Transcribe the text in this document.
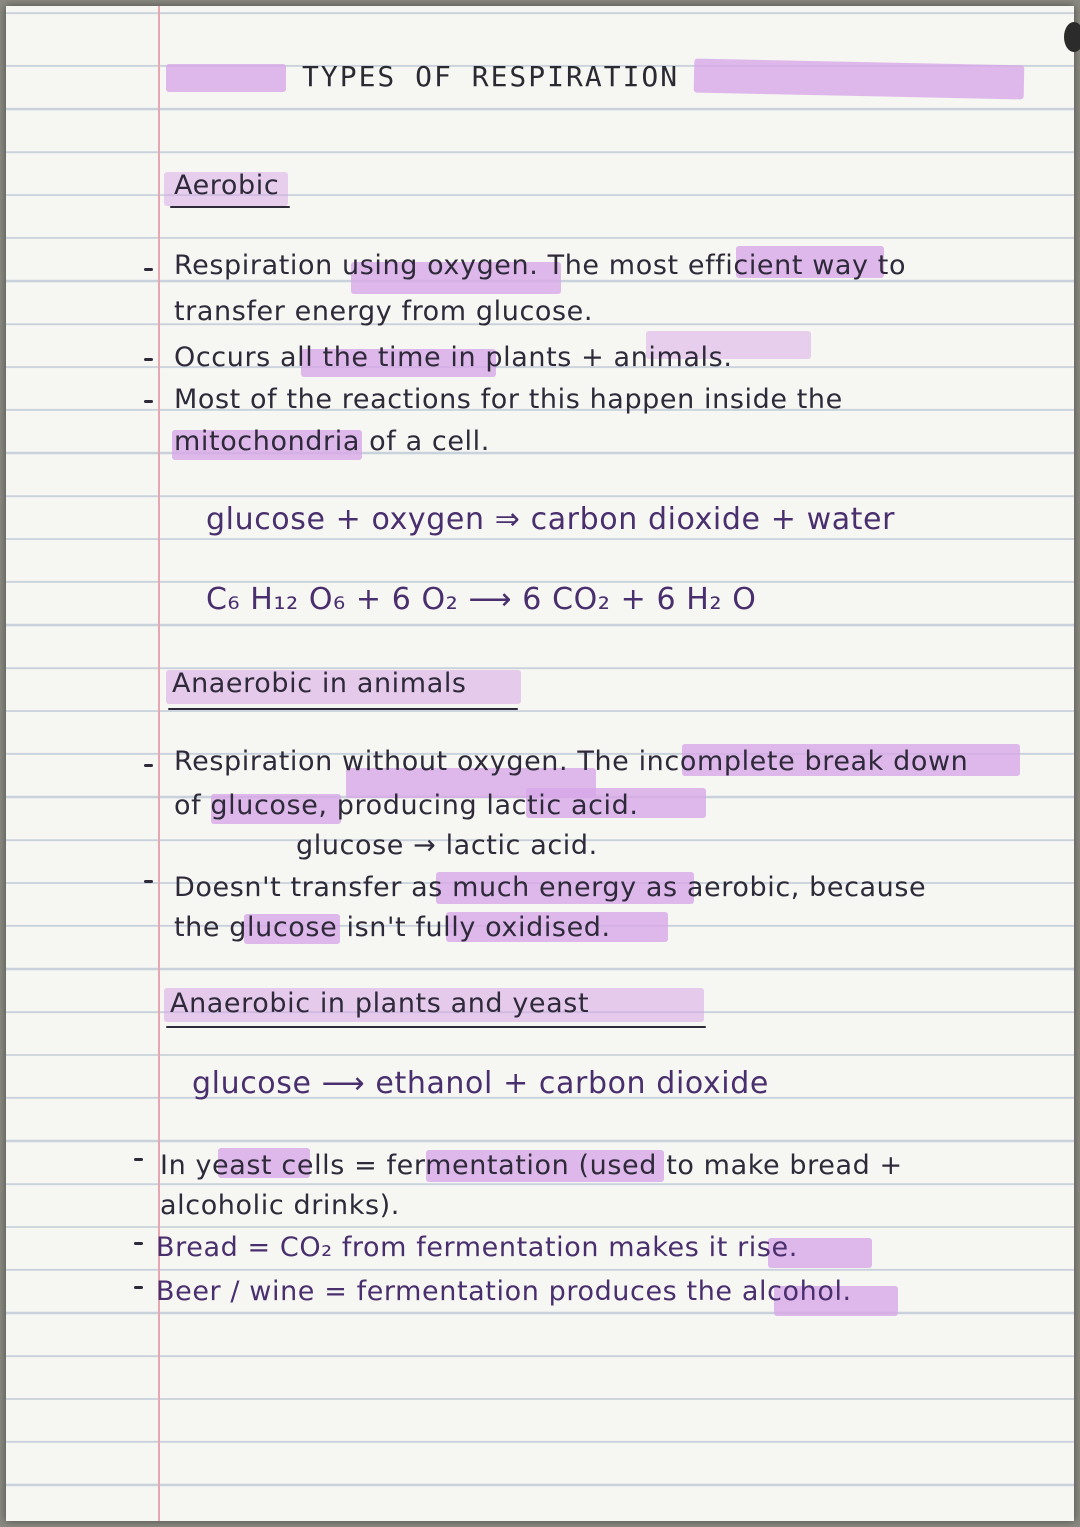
TYPES OF RESPIRATION
Aerobic
Respiration using oxygen. The most efficient way to
transfer energy from glucose.
Occurs all the time in plants + animals.
Most of the reactions for this happen inside the
mitochondria of a cell.
glucose + oxygen ⇒ carbon dioxide + water
C₆ H₁₂ O₆ + 6 O₂ ⟶ 6 CO₂ + 6 H₂ O
Anaerobic in animals
Respiration without oxygen. The incomplete break down
of glucose, producing lactic acid.
glucose → lactic acid.
Doesn't transfer as much energy as aerobic, because
the glucose isn't fully oxidised.
Anaerobic in plants and yeast
glucose ⟶ ethanol + carbon dioxide
In yeast cells = fermentation (used to make bread +
alcoholic drinks).
Bread = CO₂ from fermentation makes it rise.
Beer / wine = fermentation produces the alcohol.
